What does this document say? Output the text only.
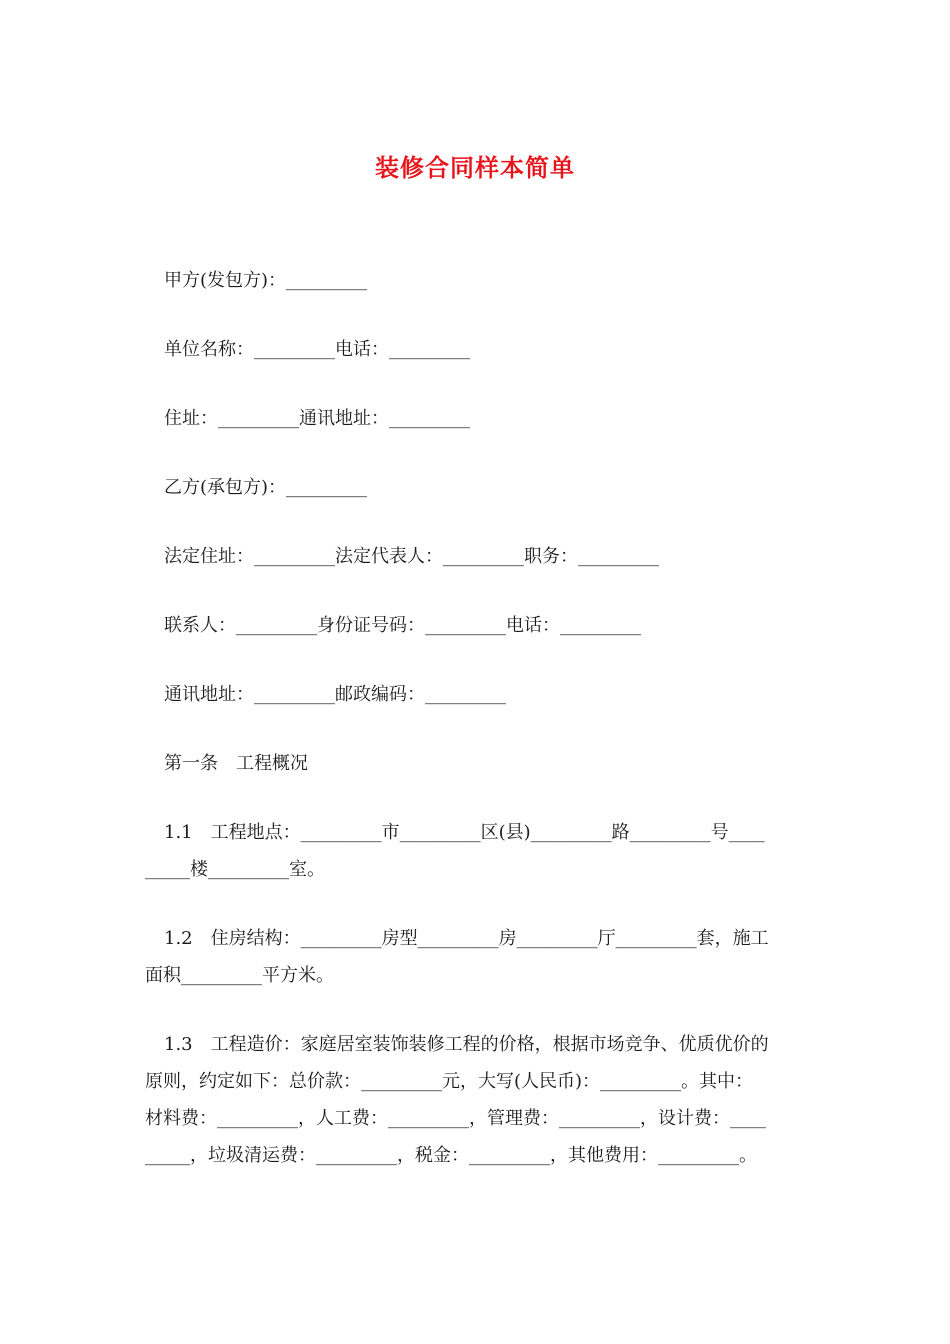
装修合同样本简单
甲方(发包方)：_________
单位名称：_________电话：_________
住址：_________通讯地址：_________
乙方(承包方)：_________
法定住址：_________法定代表人：_________职务：_________
联系人：_________身份证号码：_________电话：_________
通讯地址：_________邮政编码：_________
第一条　工程概况
1.1　工程地点：_________市_________区(县)_________路_________号____
_____楼_________室。
1.2　住房结构：_________房型_________房_________厅_________套，施工
面积_________平方米。
1.3　工程造价：家庭居室装饰装修工程的价格，根据市场竞争、优质优价的
原则，约定如下：总价款：_________元，大写(人民币)：_________。其中：
材料费：_________，人工费：_________，管理费：_________，设计费：____
_____，垃圾清运费：_________，税金：_________，其他费用：_________。
